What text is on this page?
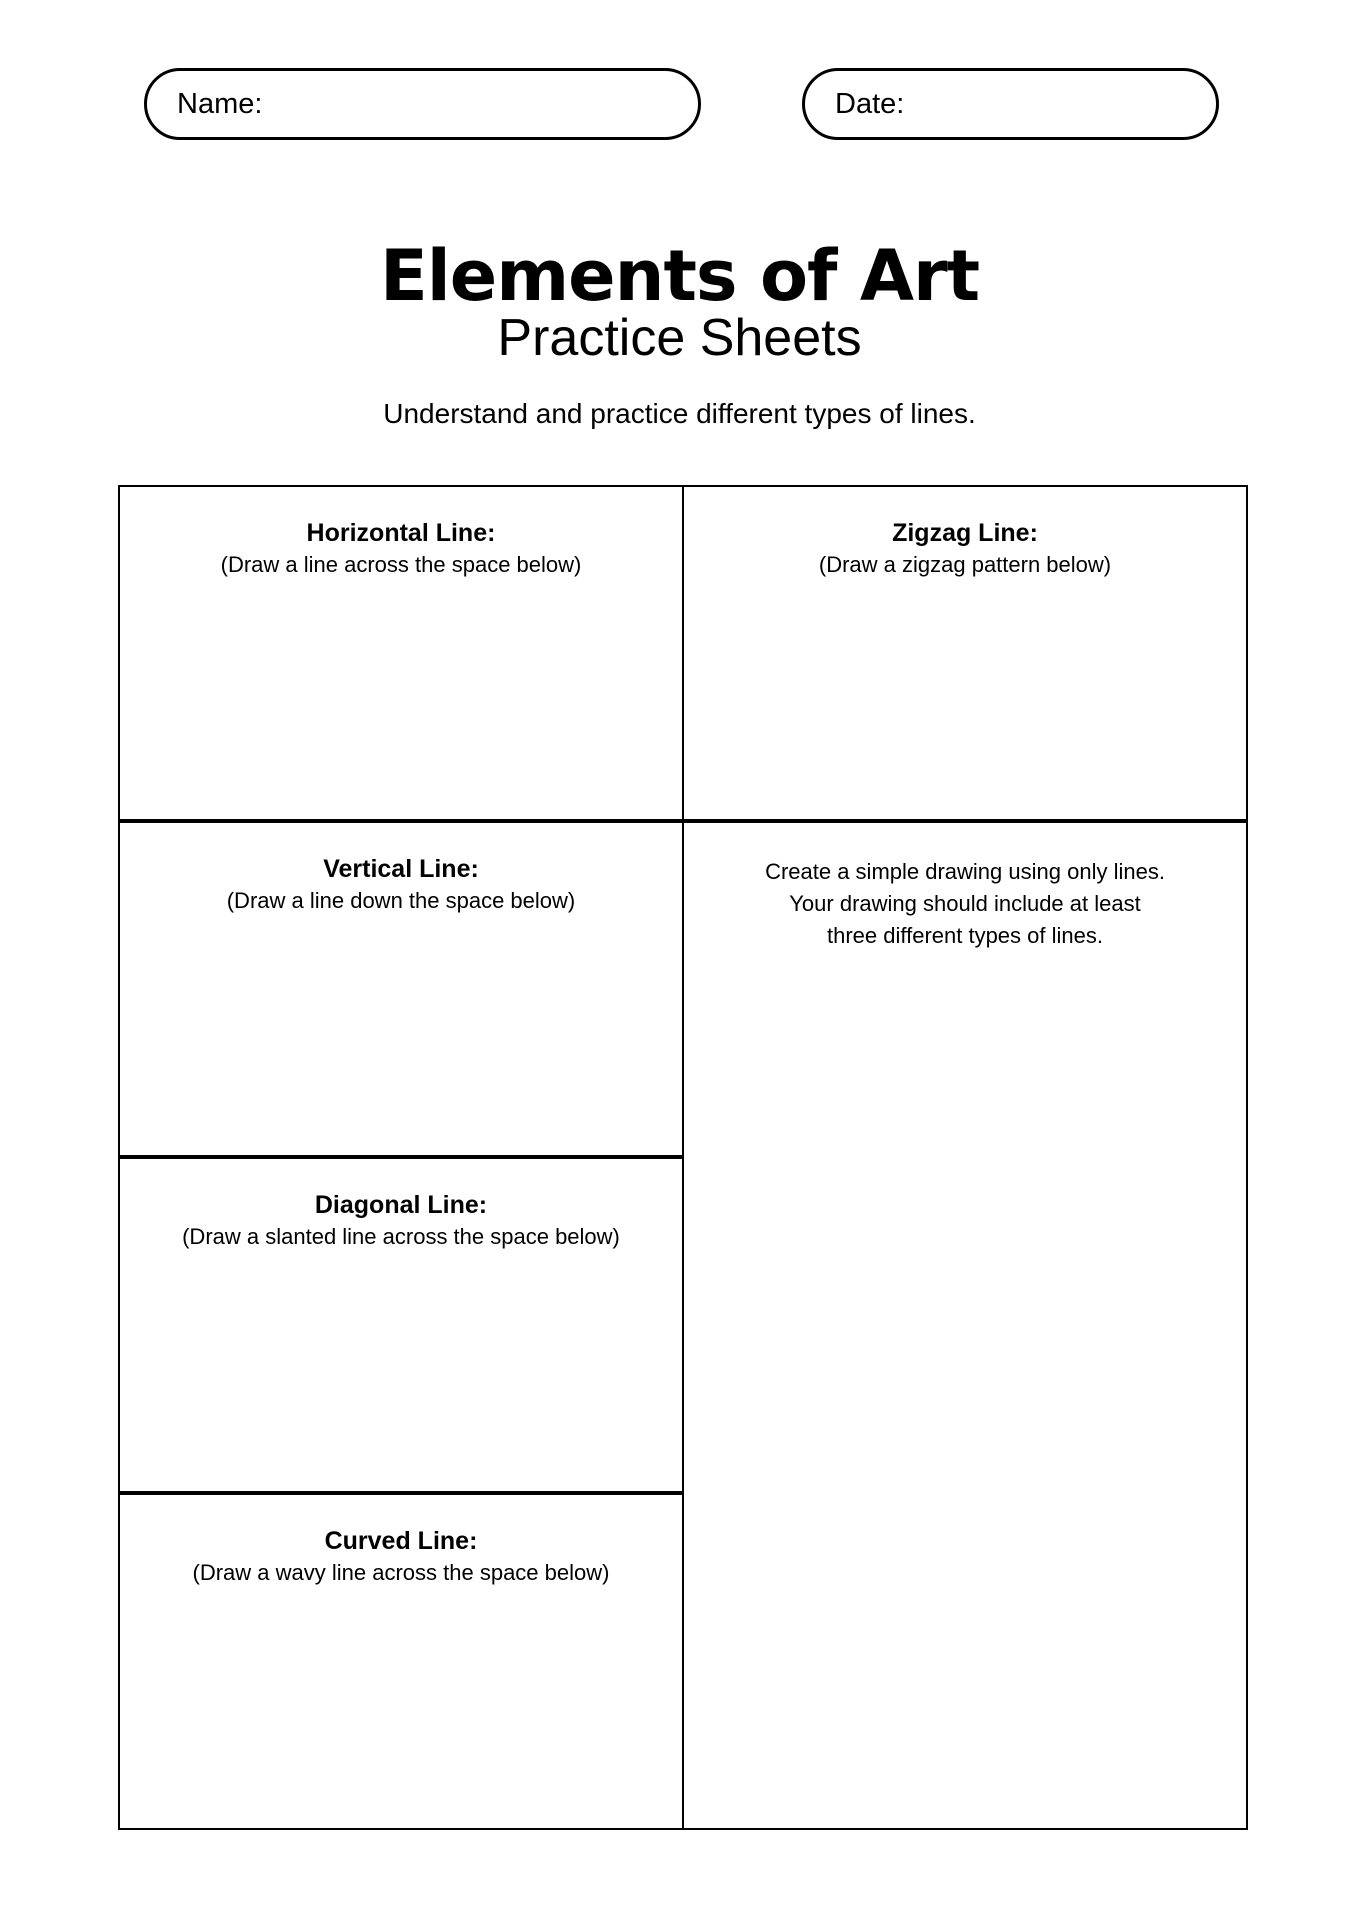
Name:	Date:
Elements of Art
Practice Sheets
Understand and practice different types of lines.
Horizontal Line:
(Draw a line across the space below)
Zigzag Line:
(Draw a zigzag pattern below)
Vertical Line:
(Draw a line down the space below)
Diagonal Line:
(Draw a slanted line across the space below)
Curved Line:
(Draw a wavy line across the space below)
Create a simple drawing using only lines.
Your drawing should include at least
three different types of lines.
